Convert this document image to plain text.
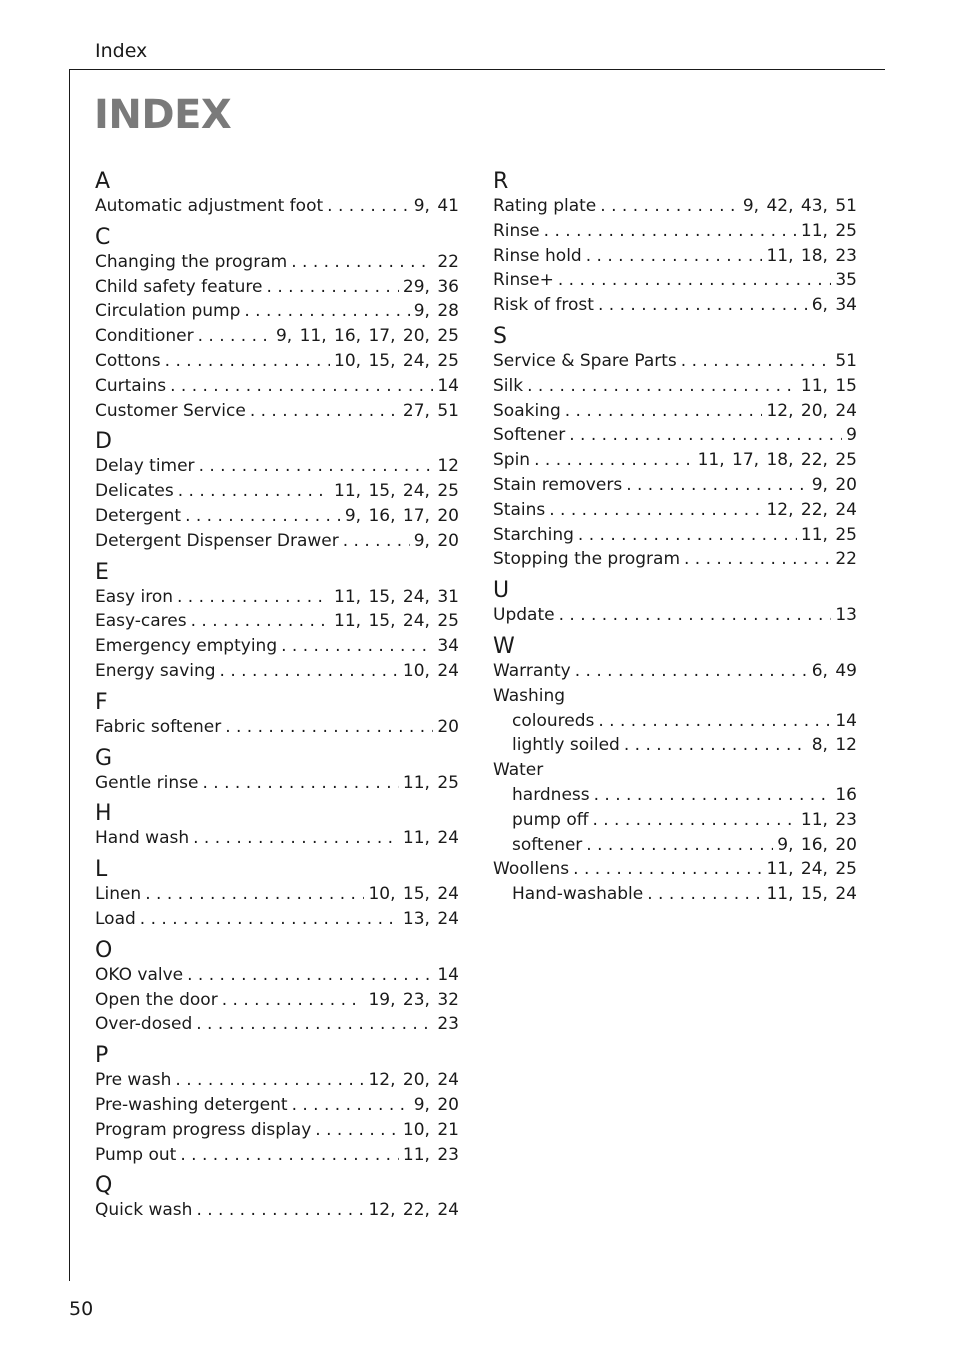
Index
INDEX
A
Automatic adjustment foot . . .	9, 41
C
Changing the program . . .	22
Child safety feature . . .	29, 36
Circulation pump . . .	9, 28
Conditioner . . .	9, 11, 16, 17, 20, 25
Cottons . . .	10, 15, 24, 25
Curtains . . .	14
Customer Service . . .	27, 51
D
Delay timer . . .	12
Delicates . . .	11, 15, 24, 25
Detergent . . .	9, 16, 17, 20
Detergent Dispenser Drawer . . .	9, 20
E
Easy iron . . .	11, 15, 24, 31
Easy-cares . . .	11, 15, 24, 25
Emergency emptying . . .	34
Energy saving . . .	10, 24
F
Fabric softener . . .	20
G
Gentle rinse . . .	11, 25
H
Hand wash . . .	11, 24
L
Linen . . .	10, 15, 24
Load . . .	13, 24
O
OKO valve . . .	14
Open the door . . .	19, 23, 32
Over-dosed . . .	23
P
Pre wash . . .	12, 20, 24
Pre-washing detergent . . .	9, 20
Program progress display . . .	10, 21
Pump out . . .	11, 23
Q
Quick wash . . .	12, 22, 24
R
Rating plate . . .	9, 42, 43, 51
Rinse . . .	11, 25
Rinse hold . . .	11, 18, 23
Rinse+ . . .	35
Risk of frost . . .	6, 34
S
Service & Spare Parts . . .	51
Silk . . .	11, 15
Soaking . . .	12, 20, 24
Softener . . .	9
Spin . . .	11, 17, 18, 22, 25
Stain removers . . .	9, 20
Stains . . .	12, 22, 24
Starching . . .	11, 25
Stopping the program . . .	22
U
Update . . .	13
W
Warranty . . .	6, 49
Washing
coloureds . . .	14
lightly soiled . . .	8, 12
Water
hardness . . .	16
pump off . . .	11, 23
softener . . .	9, 16, 20
Woollens . . .	11, 24, 25
Hand-washable . . .	11, 15, 24
50
